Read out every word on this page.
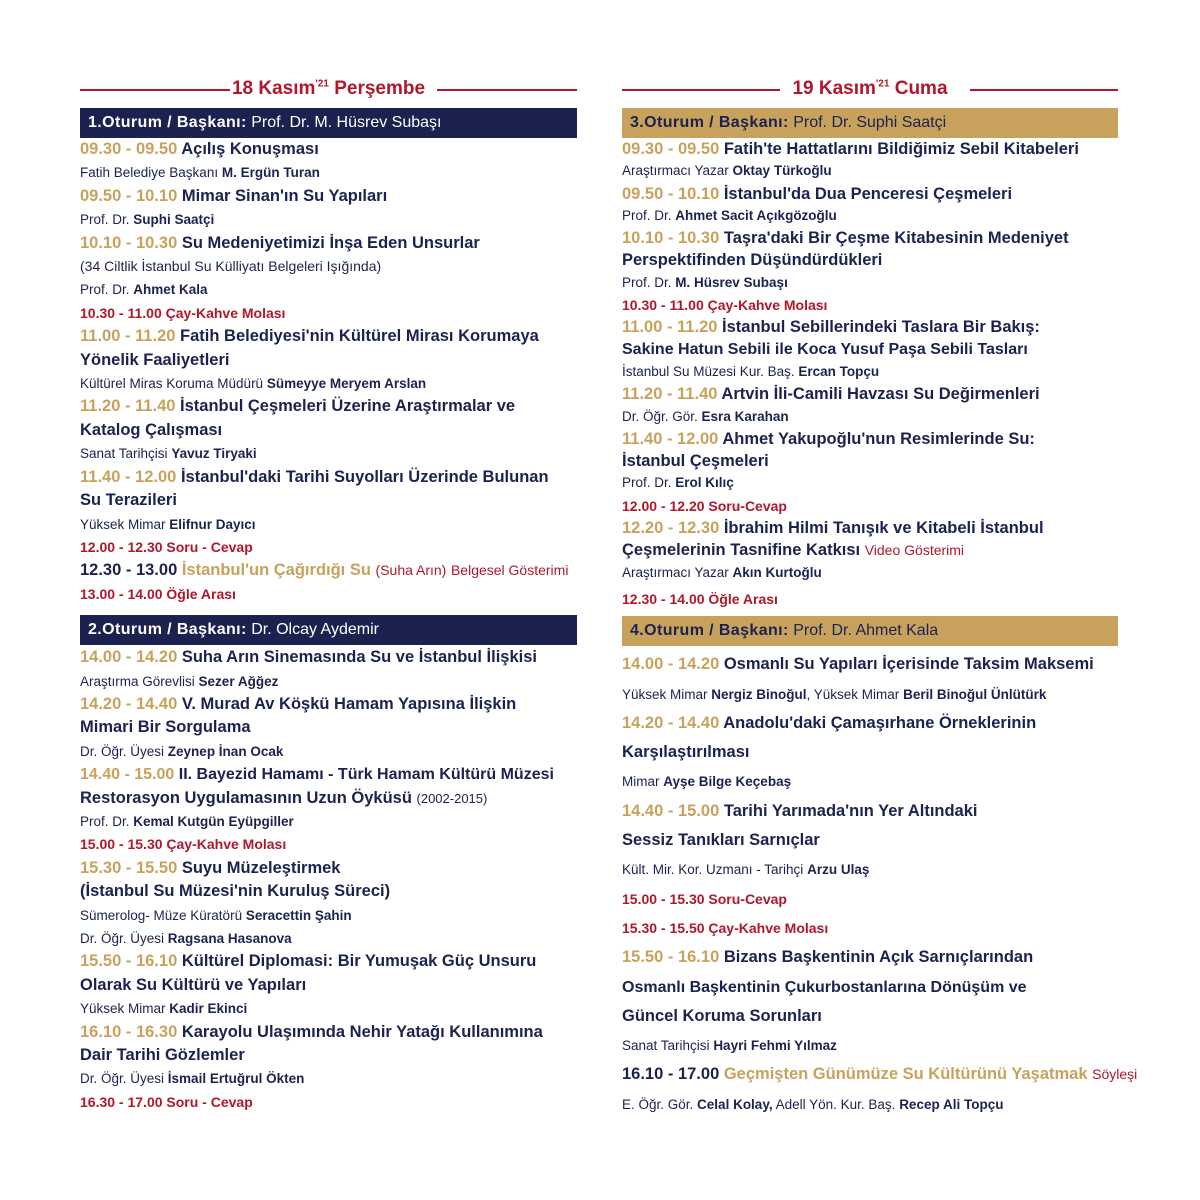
18 Kasım$^{'21}$ Perşembe
1.Oturum / Başkanı: Prof. Dr. M. Hüsrev Subaşı
09.30 - 09.50 Açılış Konuşması
Fatih Belediye Başkanı M. Ergün Turan
09.50 - 10.10 Mimar Sinan'ın Su Yapıları
Prof. Dr. Suphi Saatçi
10.10 - 10.30 Su Medeniyetimizi İnşa Eden Unsurlar
(34 Ciltlik İstanbul Su Külliyatı Belgeleri Işığında)
Prof. Dr. Ahmet Kala
10.30 - 11.00 Çay-Kahve Molası
11.00 - 11.20 Fatih Belediyesi'nin Kültürel Mirası Korumaya
Yönelik Faaliyetleri
Kültürel Miras Koruma Müdürü Sümeyye Meryem Arslan
11.20 - 11.40 İstanbul Çeşmeleri Üzerine Araştırmalar ve
Katalog Çalışması
Sanat Tarihçisi Yavuz Tiryaki
11.40 - 12.00 İstanbul'daki Tarihi Suyolları Üzerinde Bulunan
Su Terazileri
Yüksek Mimar Elifnur Dayıcı
12.00 - 12.30 Soru - Cevap
12.30 - 13.00 İstanbul'un Çağırdığı Su (Suha Arın) Belgesel Gösterimi
13.00 - 14.00 Öğle Arası
2.Oturum / Başkanı: Dr. Olcay Aydemir
14.00 - 14.20 Suha Arın Sinemasında Su ve İstanbul İlişkisi
Araştırma Görevlisi Sezer Ağğez
14.20 - 14.40 V. Murad Av Köşkü Hamam Yapısına İlişkin
Mimari Bir Sorgulama
Dr. Öğr. Üyesi Zeynep İnan Ocak
14.40 - 15.00 II. Bayezid Hamamı - Türk Hamam Kültürü Müzesi
Restorasyon Uygulamasının Uzun Öyküsü (2002-2015)
Prof. Dr. Kemal Kutgün Eyüpgiller
15.00 - 15.30 Çay-Kahve Molası
15.30 - 15.50 Suyu Müzeleştirmek
(İstanbul Su Müzesi'nin Kuruluş Süreci)
Sümerolog- Müze Küratörü Seracettin Şahin
Dr. Öğr. Üyesi Ragsana Hasanova
15.50 - 16.10 Kültürel Diplomasi: Bir Yumuşak Güç Unsuru
Olarak Su Kültürü ve Yapıları
Yüksek Mimar Kadir Ekinci
16.10 - 16.30 Karayolu Ulaşımında Nehir Yatağı Kullanımına
Dair Tarihi Gözlemler
Dr. Öğr. Üyesi İsmail Ertuğrul Ökten
16.30 - 17.00 Soru - Cevap
19 Kasım$^{'21}$ Cuma
3.Oturum / Başkanı: Prof. Dr. Suphi Saatçi
09.30 - 09.50 Fatih'te Hattatlarını Bildiğimiz Sebil Kitabeleri
Araştırmacı Yazar Oktay Türkoğlu
09.50 - 10.10 İstanbul'da Dua Penceresi Çeşmeleri
Prof. Dr. Ahmet Sacit Açıkgözoğlu
10.10 - 10.30 Taşra'daki Bir Çeşme Kitabesinin Medeniyet
Perspektifinden Düşündürdükleri
Prof. Dr. M. Hüsrev Subaşı
10.30 - 11.00 Çay-Kahve Molası
11.00 - 11.20 İstanbul Sebillerindeki Taslara Bir Bakış:
Sakine Hatun Sebili ile Koca Yusuf Paşa Sebili Tasları
İstanbul Su Müzesi Kur. Baş. Ercan Topçu
11.20 - 11.40 Artvin İli-Camili Havzası Su Değirmenleri
Dr. Öğr. Gör. Esra Karahan
11.40 - 12.00 Ahmet Yakupoğlu'nun Resimlerinde Su:
İstanbul Çeşmeleri
Prof. Dr. Erol Kılıç
12.00 - 12.20 Soru-Cevap
12.20 - 12.30 İbrahim Hilmi Tanışık ve Kitabeli İstanbul
Çeşmelerinin Tasnifine Katkısı Video Gösterimi
Araştırmacı Yazar Akın Kurtoğlu
12.30 - 14.00 Öğle Arası
4.Oturum / Başkanı: Prof. Dr. Ahmet Kala
14.00 - 14.20 Osmanlı Su Yapıları İçerisinde Taksim Maksemi
Yüksek Mimar Nergiz Binoğul, Yüksek Mimar Beril Binoğul Ünlütürk
14.20 - 14.40 Anadolu'daki Çamaşırhane Örneklerinin
Karşılaştırılması
Mimar Ayşe Bilge Keçebaş
14.40 - 15.00 Tarihi Yarımada'nın Yer Altındaki
Sessiz Tanıkları Sarnıçlar
Kült. Mir. Kor. Uzmanı - Tarihçi Arzu Ulaş
15.00 - 15.30 Soru-Cevap
15.30 - 15.50 Çay-Kahve Molası
15.50 - 16.10 Bizans Başkentinin Açık Sarnıçlarından
Osmanlı Başkentinin Çukurbostanlarına Dönüşüm ve
Güncel Koruma Sorunları
Sanat Tarihçisi Hayri Fehmi Yılmaz
16.10 - 17.00 Geçmişten Günümüze Su Kültürünü Yaşatmak Söyleşi
E. Öğr. Gör. Celal Kolay, Adell Yön. Kur. Baş. Recep Ali Topçu
